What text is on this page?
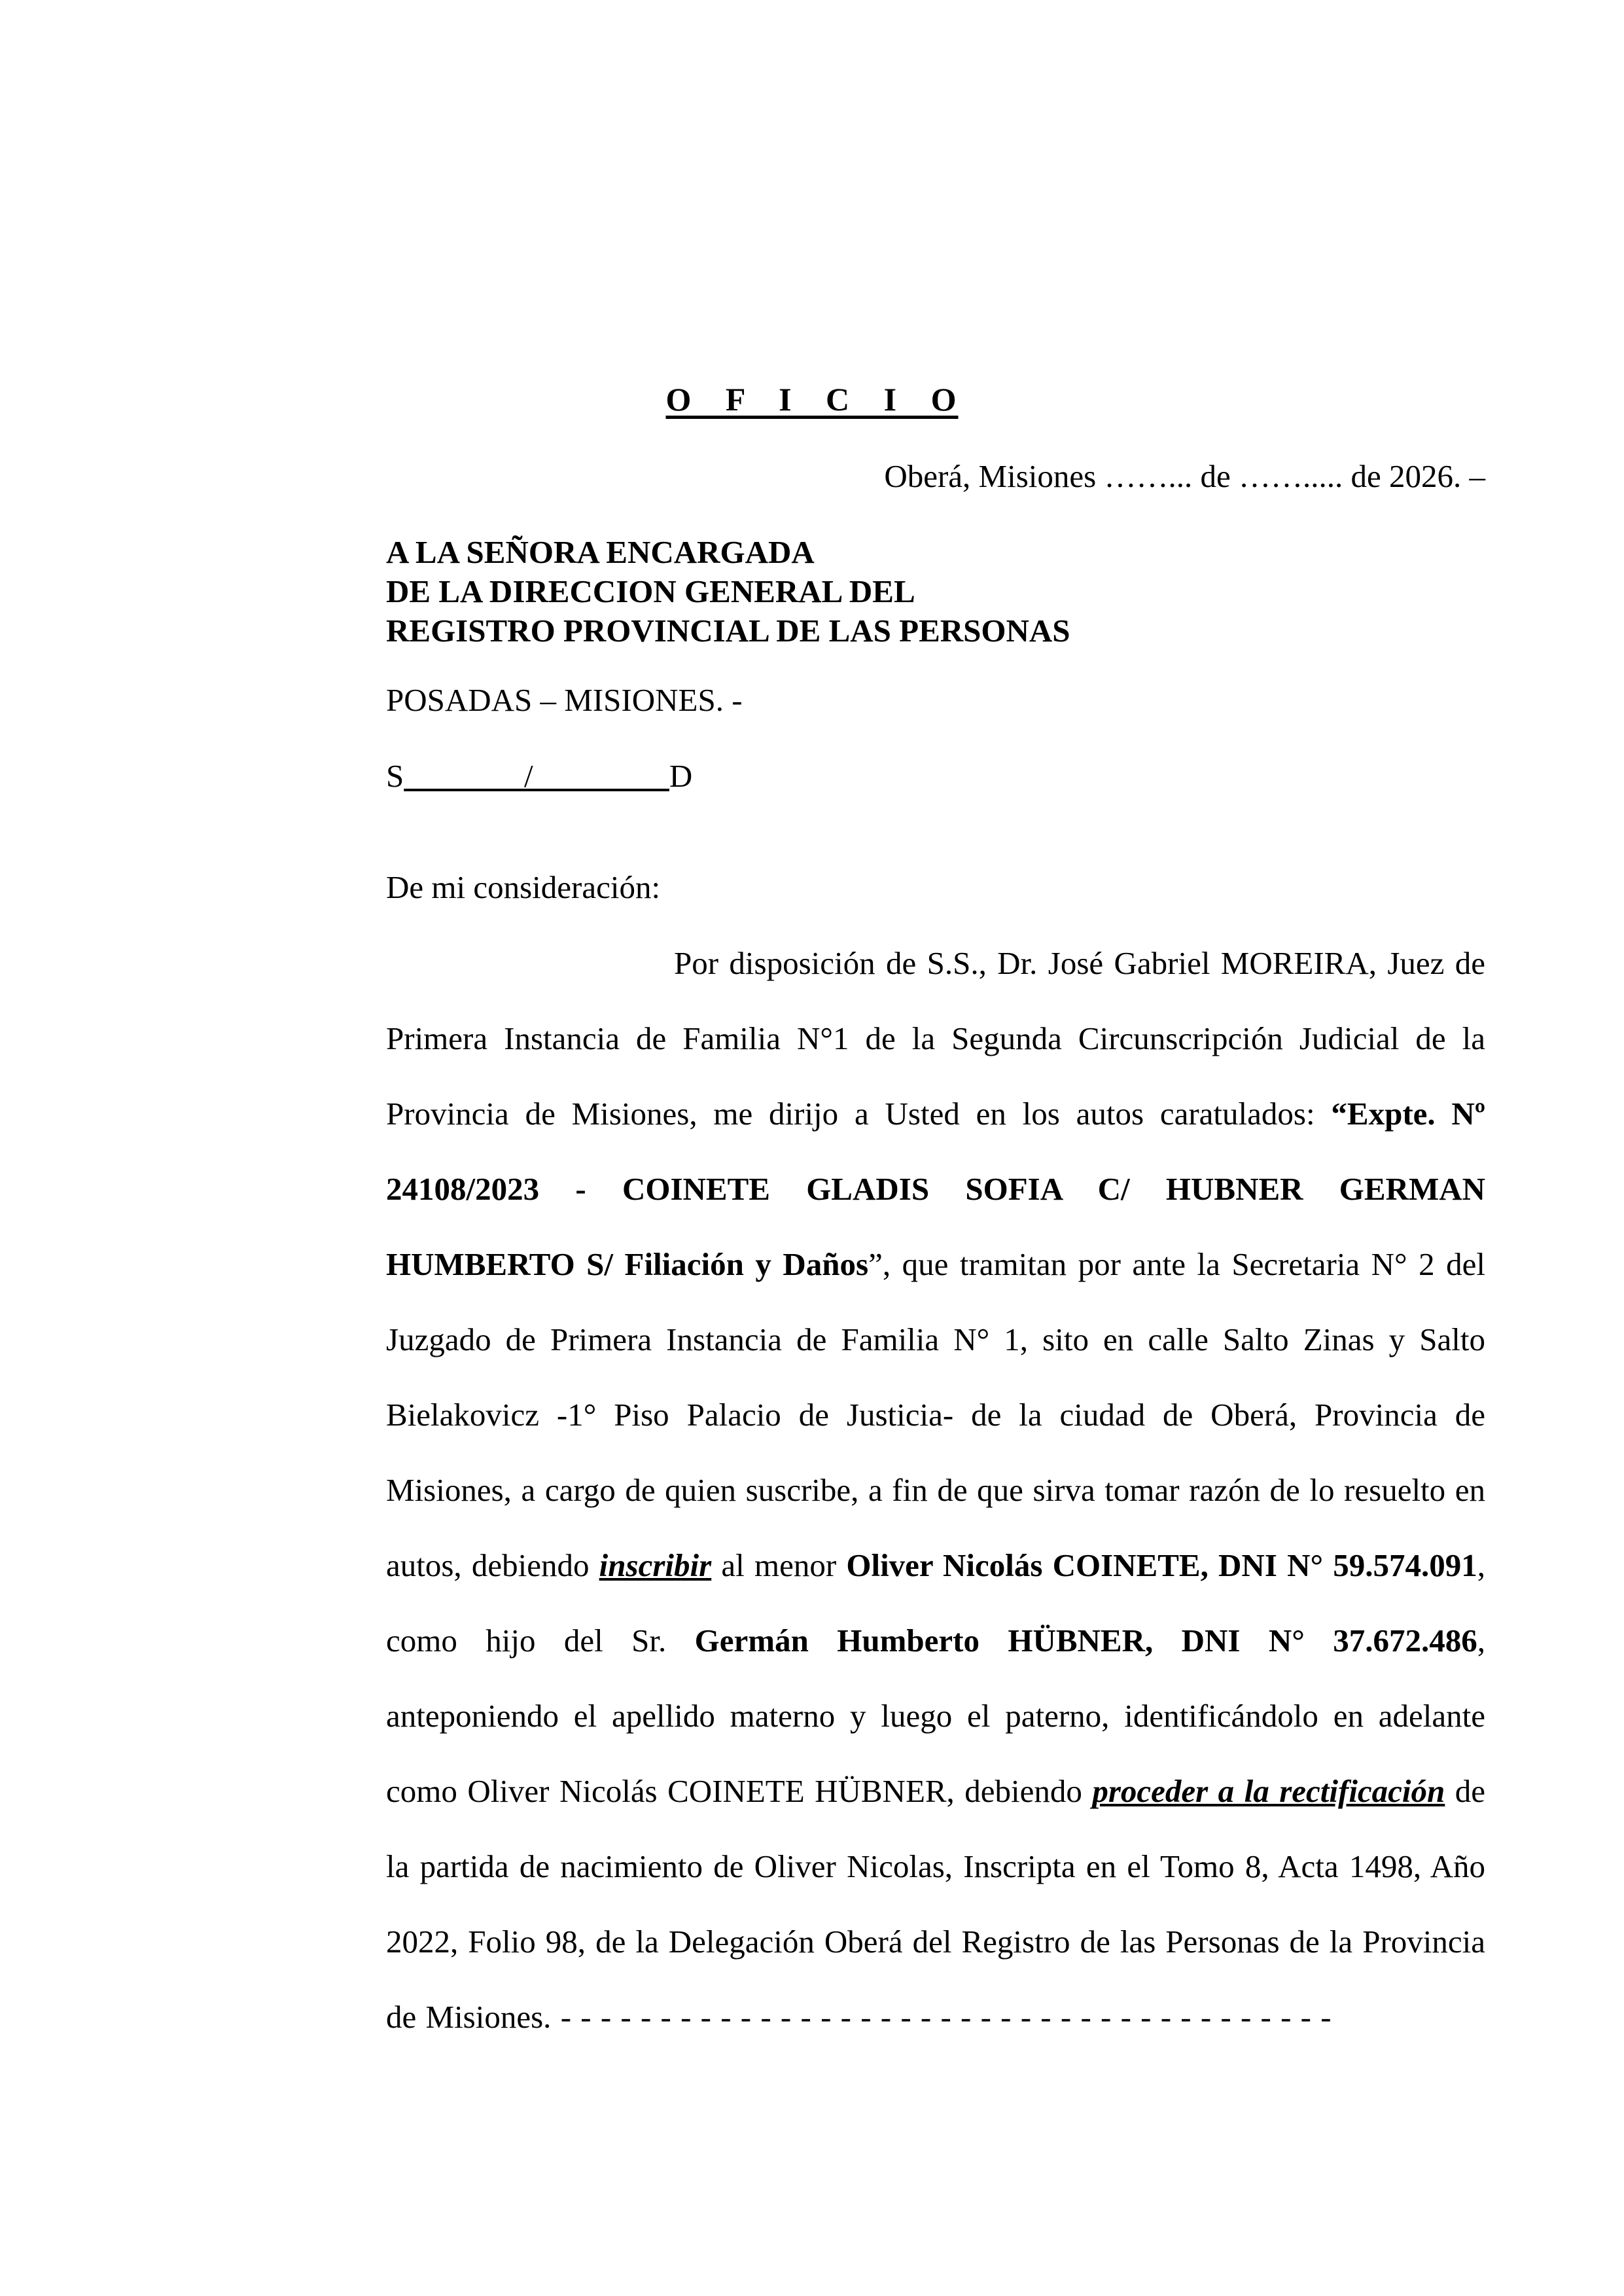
O F I C I O
Oberá, Misiones ……... de ……..... de 2026. –
A LA SEÑORA ENCARGADA
DE LA DIRECCION GENERAL DEL
REGISTRO PROVINCIAL DE LAS PERSONAS
POSADAS – MISIONES. -
S               /                 D
De mi consideración:

Por disposición de S.S., Dr. José Gabriel MOREIRA, Juez de Primera Instancia de Familia N°1 de la Segunda Circunscripción Judicial de la Provincia de Misiones, me dirijo a Usted en los autos caratulados: “Expte. Nº 24108/2023 - COINETE GLADIS SOFIA C/ HUBNER GERMAN HUMBERTO S/ Filiación y Daños”, que tramitan por ante la Secretaria N° 2 del Juzgado de Primera Instancia de Familia N° 1, sito en calle Salto Zinas y Salto Bielakovicz -1° Piso Palacio de Justicia- de la ciudad de Oberá, Provincia de Misiones, a cargo de quien suscribe, a fin de que sirva tomar razón de lo resuelto en autos, debiendo inscribir al menor Oliver Nicolás COINETE, DNI N° 59.574.091, como hijo del Sr. Germán Humberto HÜBNER, DNI N° 37.672.486, anteponiendo el apellido materno y luego el paterno, identificándolo en adelante como Oliver Nicolás COINETE HÜBNER, debiendo proceder a la rectificación de la partida de nacimiento de Oliver Nicolas, Inscripta en el Tomo 8, Acta 1498, Año 2022, Folio 98, de la Delegación Oberá del Registro de las Personas de la Provincia de Misiones. - - - - - - - - - - - - - - - - - - - - - - - - - - - - - - - - - - - - - - -
